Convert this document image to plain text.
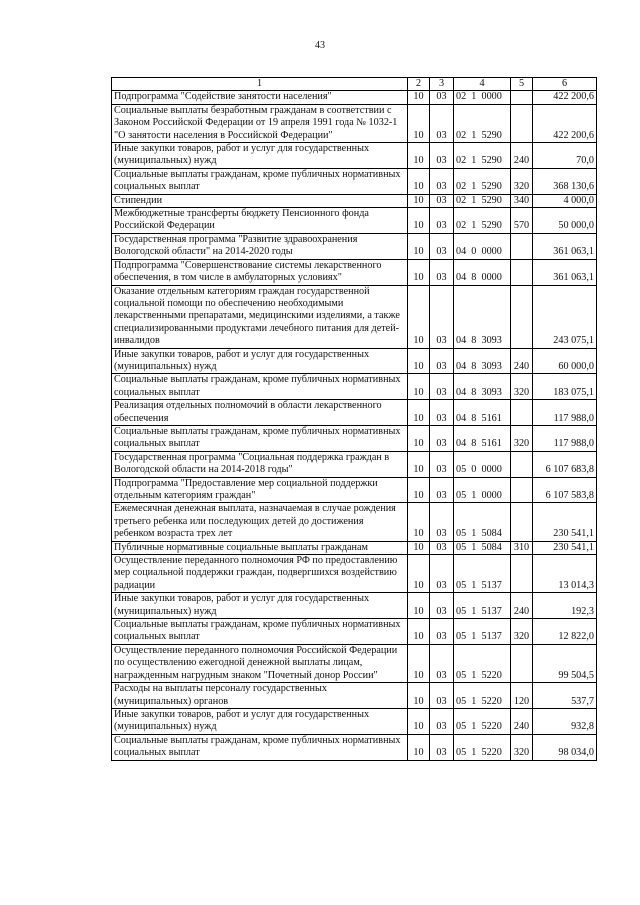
43
1	2	3	4	5	6
Подпрограмма "Содействие занятости населения"	10	03	02  1  0000		422 200,6
Социальные выплаты безработным гражданам в соответствии с Законом Российской Федерации от 19 апреля 1991 года № 1032-1 "О занятости населения в Российской Федерации"	10	03	02  1  5290		422 200,6
Иные закупки товаров, работ и услуг для государственных (муниципальных) нужд	10	03	02  1  5290	240	70,0
Социальные выплаты гражданам, кроме публичных нормативных социальных выплат	10	03	02  1  5290	320	368 130,6
Стипендии	10	03	02  1  5290	340	4 000,0
Межбюджетные трансферты бюджету Пенсионного фонда Российской Федерации	10	03	02  1  5290	570	50 000,0
Государственная программа "Развитие здравоохранения Вологодской области" на 2014-2020 годы	10	03	04  0  0000		361 063,1
Подпрограмма "Совершенствование системы лекарственного обеспечения, в том числе в амбулаторных условиях"	10	03	04  8  0000		361 063,1
Оказание отдельным категориям граждан государственной социальной помощи по обеспечению необходимыми лекарственными препаратами, медицинскими изделиями, а также специализированными продуктами лечебного питания для детей-инвалидов	10	03	04  8  3093		243 075,1
Иные закупки товаров, работ и услуг для государственных (муниципальных) нужд	10	03	04  8  3093	240	60 000,0
Социальные выплаты гражданам, кроме публичных нормативных социальных выплат	10	03	04  8  3093	320	183 075,1
Реализация отдельных полномочий в области лекарственного обеспечения	10	03	04  8  5161		117 988,0
Социальные выплаты гражданам, кроме публичных нормативных социальных выплат	10	03	04  8  5161	320	117 988,0
Государственная программа "Социальная поддержка граждан в Вологодской области на 2014-2018 годы"	10	03	05  0  0000		6 107 683,8
Подпрограмма "Предоставление мер социальной поддержки отдельным категориям граждан"	10	03	05  1  0000		6 107 583,8
Ежемесячная денежная выплата, назначаемая в случае рождения третьего ребенка или последующих детей до достижения ребенком возраста трех лет	10	03	05  1  5084		230 541,1
Публичные нормативные социальные выплаты гражданам	10	03	05  1  5084	310	230 541,1
Осуществление переданного полномочия РФ по предоставлению мер социальной поддержки граждан, подвергшихся воздействию радиации	10	03	05  1  5137		13 014,3
Иные закупки товаров, работ и услуг для государственных (муниципальных) нужд	10	03	05  1  5137	240	192,3
Социальные выплаты гражданам, кроме публичных нормативных социальных выплат	10	03	05  1  5137	320	12 822,0
Осуществление переданного полномочия Российской Федерации по осуществлению ежегодной денежной выплаты лицам, награжденным нагрудным знаком "Почетный донор России"	10	03	05  1  5220		99 504,5
Расходы на выплаты персоналу государственных (муниципальных) органов	10	03	05  1  5220	120	537,7
Иные закупки товаров, работ и услуг для государственных (муниципальных) нужд	10	03	05  1  5220	240	932,8
Социальные выплаты гражданам, кроме публичных нормативных социальных выплат	10	03	05  1  5220	320	98 034,0
